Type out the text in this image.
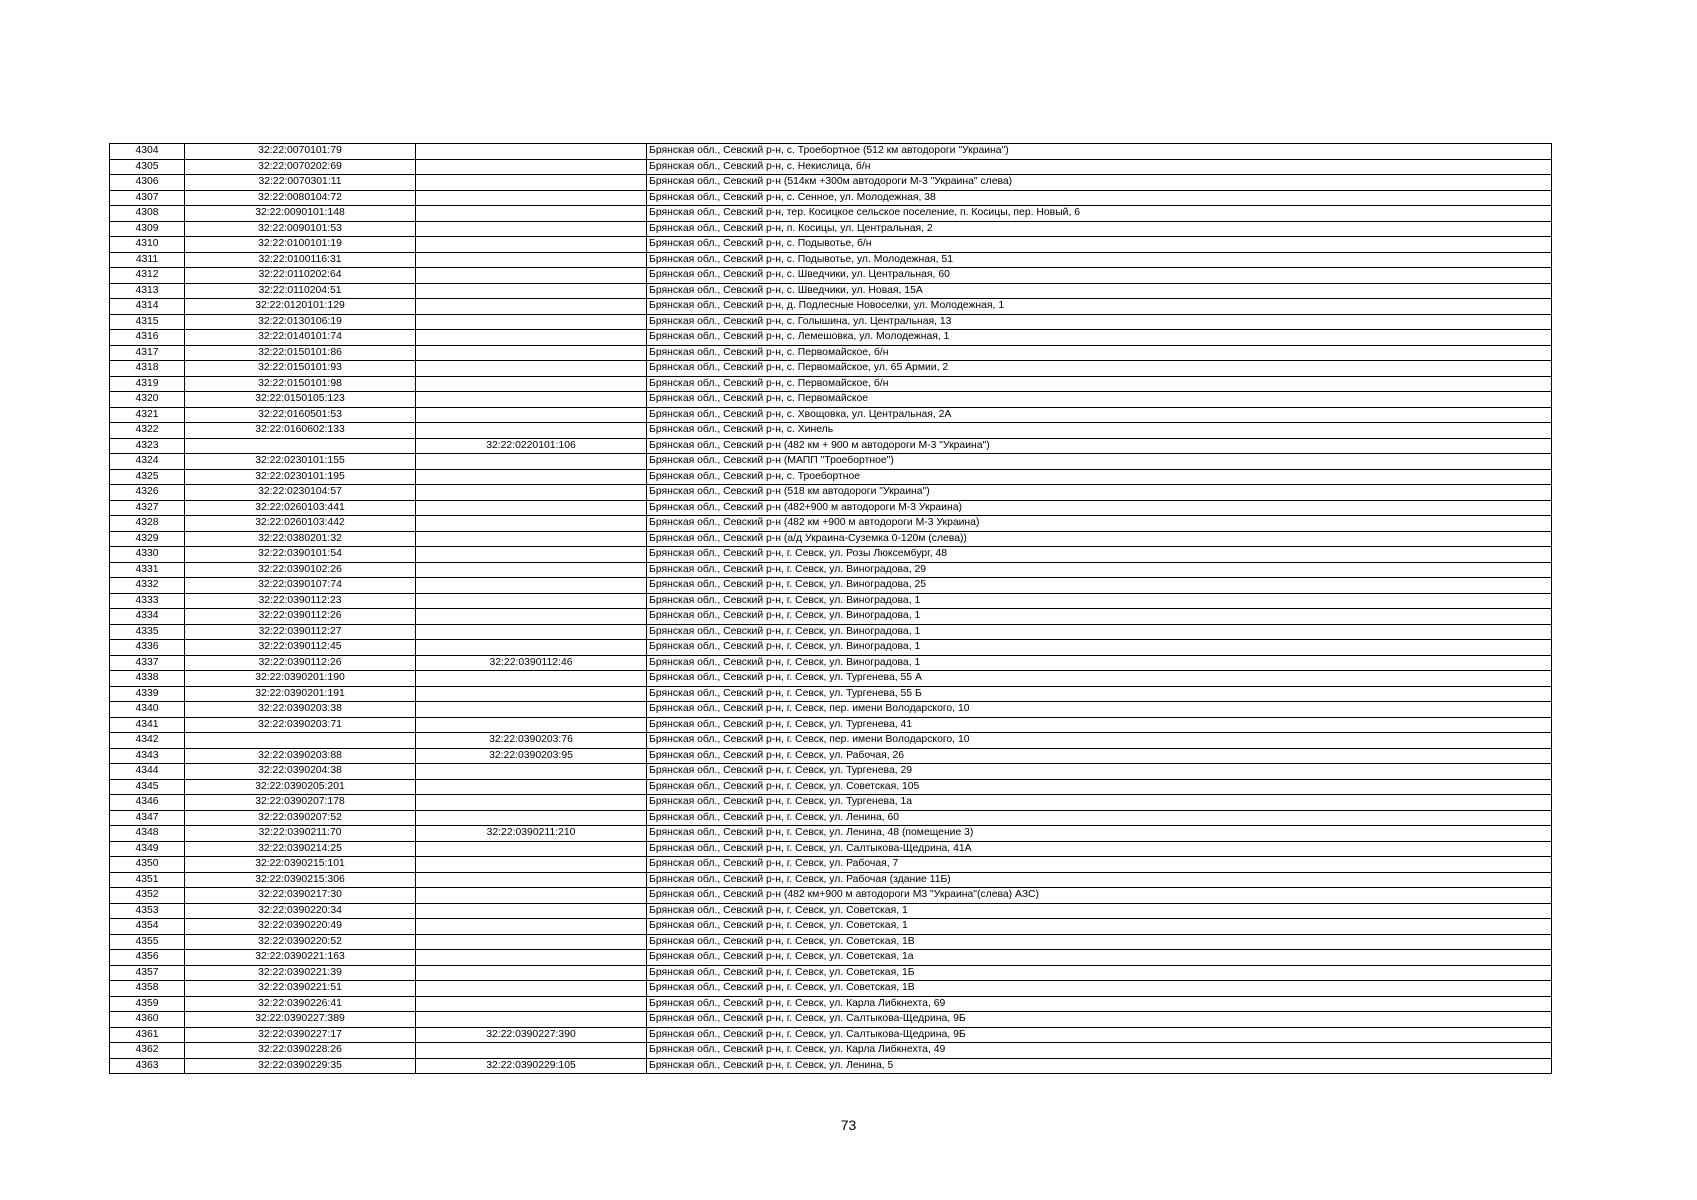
4304	32:22:0070101:79		Брянская обл., Севский р-н, с. Троебортное (512 км автодороги "Украина")
4305	32:22:0070202:69		Брянская обл., Севский р-н, с. Некислица, б/н
4306	32:22:0070301:11		Брянская обл., Севский р-н (514км +300м автодороги М-3 "Украина" слева)
4307	32:22:0080104:72		Брянская обл., Севский р-н, с. Сенное, ул. Молодежная, 38
4308	32:22:0090101:148		Брянская обл., Севский р-н, тер. Косицкое сельское поселение, п. Косицы, пер. Новый, 6
4309	32:22:0090101:53		Брянская обл., Севский р-н, п. Косицы, ул. Центральная, 2
4310	32:22:0100101:19		Брянская обл., Севский р-н, с. Подывотье, б/н
4311	32:22:0100116:31		Брянская обл., Севский р-н, с. Подывотье, ул. Молодежная, 51
4312	32:22:0110202:64		Брянская обл., Севский р-н, с. Шведчики, ул. Центральная, 60
4313	32:22:0110204:51		Брянская обл., Севский р-н, с. Шведчики, ул. Новая, 15А
4314	32:22:0120101:129		Брянская обл., Севский р-н, д. Подлесные Новоселки, ул. Молодежная, 1
4315	32:22:0130106:19		Брянская обл., Севский р-н, с. Голышина, ул. Центральная, 13
4316	32:22:0140101:74		Брянская обл., Севский р-н, с. Лемешовка, ул. Молодежная, 1
4317	32:22:0150101:86		Брянская обл., Севский р-н, с. Первомайское, б/н
4318	32:22:0150101:93		Брянская обл., Севский р-н, с. Первомайское, ул. 65 Армии, 2
4319	32:22:0150101:98		Брянская обл., Севский р-н, с. Первомайское, б/н
4320	32:22:0150105:123		Брянская обл., Севский р-н, с. Первомайское
4321	32:22:0160501:53		Брянская обл., Севский р-н, с. Хвощовка, ул. Центральная, 2А
4322	32:22:0160602:133		Брянская обл., Севский р-н, с. Хинель
4323		32:22:0220101:106	Брянская обл., Севский р-н (482 км + 900 м автодороги М-3 "Украина")
4324	32:22:0230101:155		Брянская обл., Севский р-н (МАПП "Троебортное")
4325	32:22:0230101:195		Брянская обл., Севский р-н, с. Троебортное
4326	32:22:0230104:57		Брянская обл., Севский р-н (518 км автодороги "Украина")
4327	32:22:0260103:441		Брянская обл., Севский р-н (482+900 м автодороги М-3 Украина)
4328	32:22:0260103:442		Брянская обл., Севский р-н (482 км +900 м автодороги М-3 Украина)
4329	32:22:0380201:32		Брянская обл., Севский р-н (а/д Украина-Суземка 0-120м (слева))
4330	32:22:0390101:54		Брянская обл., Севский р-н, г. Севск, ул. Розы Люксембург, 48
4331	32:22:0390102:26		Брянская обл., Севский р-н, г. Севск, ул. Виноградова, 29
4332	32:22:0390107:74		Брянская обл., Севский р-н, г. Севск, ул. Виноградова, 25
4333	32:22:0390112:23		Брянская обл., Севский р-н, г. Севск, ул. Виноградова, 1
4334	32:22:0390112:26		Брянская обл., Севский р-н, г. Севск, ул. Виноградова, 1
4335	32:22:0390112:27		Брянская обл., Севский р-н, г. Севск, ул. Виноградова, 1
4336	32:22:0390112:45		Брянская обл., Севский р-н, г. Севск, ул. Виноградова, 1
4337	32:22:0390112:26	32:22:0390112:46	Брянская обл., Севский р-н, г. Севск, ул. Виноградова, 1
4338	32:22:0390201:190		Брянская обл., Севский р-н, г. Севск, ул. Тургенева, 55 А
4339	32:22:0390201:191		Брянская обл., Севский р-н, г. Севск, ул. Тургенева, 55 Б
4340	32:22:0390203:38		Брянская обл., Севский р-н, г. Севск, пер. имени Володарского, 10
4341	32:22:0390203:71		Брянская обл., Севский р-н, г. Севск, ул. Тургенева, 41
4342		32:22:0390203:76	Брянская обл., Севский р-н, г. Севск, пер. имени Володарского, 10
4343	32:22:0390203:88	32:22:0390203:95	Брянская обл., Севский р-н, г. Севск, ул. Рабочая, 26
4344	32:22:0390204:38		Брянская обл., Севский р-н, г. Севск, ул. Тургенева, 29
4345	32:22:0390205:201		Брянская обл., Севский р-н, г. Севск, ул. Советская, 105
4346	32:22:0390207:178		Брянская обл., Севский р-н, г. Севск, ул. Тургенева, 1а
4347	32:22:0390207:52		Брянская обл., Севский р-н, г. Севск, ул. Ленина, 60
4348	32:22:0390211:70	32:22:0390211:210	Брянская обл., Севский р-н, г. Севск, ул. Ленина, 48 (помещение 3)
4349	32:22:0390214:25		Брянская обл., Севский р-н, г. Севск, ул. Салтыкова-Щедрина, 41А
4350	32:22:0390215:101		Брянская обл., Севский р-н, г. Севск, ул. Рабочая, 7
4351	32:22:0390215:306		Брянская обл., Севский р-н, г. Севск, ул. Рабочая (здание 11Б)
4352	32:22:0390217:30		Брянская обл., Севский р-н (482 км+900 м автодороги М3 "Украина"(слева) АЗС)
4353	32:22:0390220:34		Брянская обл., Севский р-н, г. Севск, ул. Советская, 1
4354	32:22:0390220:49		Брянская обл., Севский р-н, г. Севск, ул. Советская, 1
4355	32:22:0390220:52		Брянская обл., Севский р-н, г. Севск, ул. Советская, 1В
4356	32:22:0390221:163		Брянская обл., Севский р-н, г. Севск, ул. Советская, 1а
4357	32:22:0390221:39		Брянская обл., Севский р-н, г. Севск, ул. Советская, 1Б
4358	32:22:0390221:51		Брянская обл., Севский р-н, г. Севск, ул. Советская, 1В
4359	32:22:0390226:41		Брянская обл., Севский р-н, г. Севск, ул. Карла Либкнехта, 69
4360	32:22:0390227:389		Брянская обл., Севский р-н, г. Севск, ул. Салтыкова-Щедрина, 9Б
4361	32:22:0390227:17	32:22:0390227:390	Брянская обл., Севский р-н, г. Севск, ул. Салтыкова-Щедрина, 9Б
4362	32:22:0390228:26		Брянская обл., Севский р-н, г. Севск, ул. Карла Либкнехта, 49
4363	32:22:0390229:35	32:22:0390229:105	Брянская обл., Севский р-н, г. Севск, ул. Ленина, 5
73
